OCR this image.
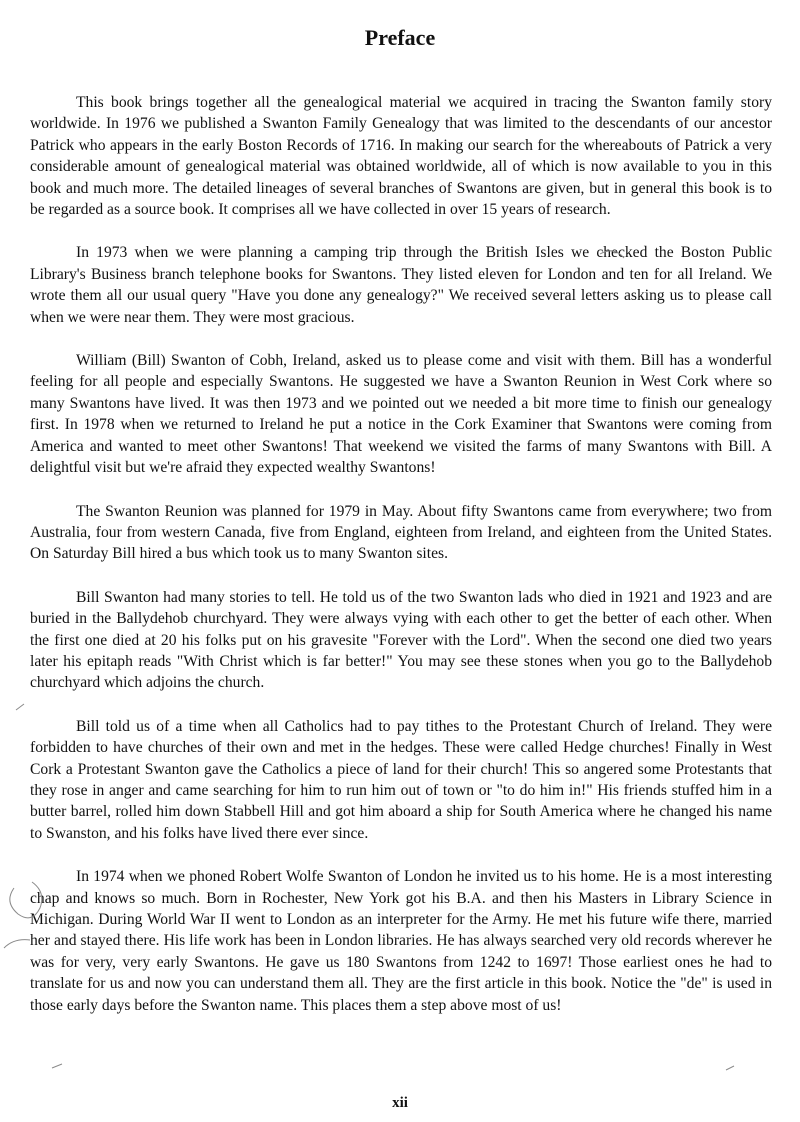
Preface

This book brings together all the genealogical material we acquired in tracing the Swanton family story worldwide. In 1976 we published a Swanton Family Genealogy that was limited to the descendants of our ancestor Patrick who appears in the early Boston Records of 1716. In making our search for the whereabouts of Patrick a very considerable amount of genealogical material was obtained worldwide, all of which is now available to you in this book and much more. The detailed lineages of several branches of Swantons are given, but in general this book is to be regarded as a source book. It comprises all we have collected in over 15 years of research.

In 1973 when we were planning a camping trip through the British Isles we checked the Boston Public Library's Business branch telephone books for Swantons. They listed eleven for London and ten for all Ireland. We wrote them all our usual query "Have you done any genealogy?" We received several letters asking us to please call when we were near them. They were most gracious.

William (Bill) Swanton of Cobh, Ireland, asked us to please come and visit with them. Bill has a wonderful feeling for all people and especially Swantons. He suggested we have a Swanton Reunion in West Cork where so many Swantons have lived. It was then 1973 and we pointed out we needed a bit more time to finish our genealogy first. In 1978 when we returned to Ireland he put a notice in the Cork Examiner that Swantons were coming from America and wanted to meet other Swantons! That weekend we visited the farms of many Swantons with Bill. A delightful visit but we're afraid they expected wealthy Swantons!

The Swanton Reunion was planned for 1979 in May. About fifty Swantons came from everywhere; two from Australia, four from western Canada, five from England, eighteen from Ireland, and eighteen from the United States. On Saturday Bill hired a bus which took us to many Swanton sites.

Bill Swanton had many stories to tell. He told us of the two Swanton lads who died in 1921 and 1923 and are buried in the Ballydehob churchyard. They were always vying with each other to get the better of each other. When the first one died at 20 his folks put on his gravesite "Forever with the Lord". When the second one died two years later his epitaph reads "With Christ which is far better!" You may see these stones when you go to the Ballydehob churchyard which adjoins the church.

Bill told us of a time when all Catholics had to pay tithes to the Protestant Church of Ireland. They were forbidden to have churches of their own and met in the hedges. These were called Hedge churches! Finally in West Cork a Protestant Swanton gave the Catholics a piece of land for their church! This so angered some Protestants that they rose in anger and came searching for him to run him out of town or "to do him in!" His friends stuffed him in a butter barrel, rolled him down Stabbell Hill and got him aboard a ship for South America where he changed his name to Swanston, and his folks have lived there ever since.

In 1974 when we phoned Robert Wolfe Swanton of London he invited us to his home. He is a most interesting chap and knows so much. Born in Rochester, New York got his B.A. and then his Masters in Library Science in Michigan. During World War II went to London as an interpreter for the Army. He met his future wife there, married her and stayed there. His life work has been in London libraries. He has always searched very old records wherever he was for very, very early Swantons. He gave us 180 Swantons from 1242 to 1697! Those earliest ones he had to translate for us and now you can understand them all. They are the first article in this book. Notice the "de" is used in those early days before the Swanton name. This places them a step above most of us!

xii
